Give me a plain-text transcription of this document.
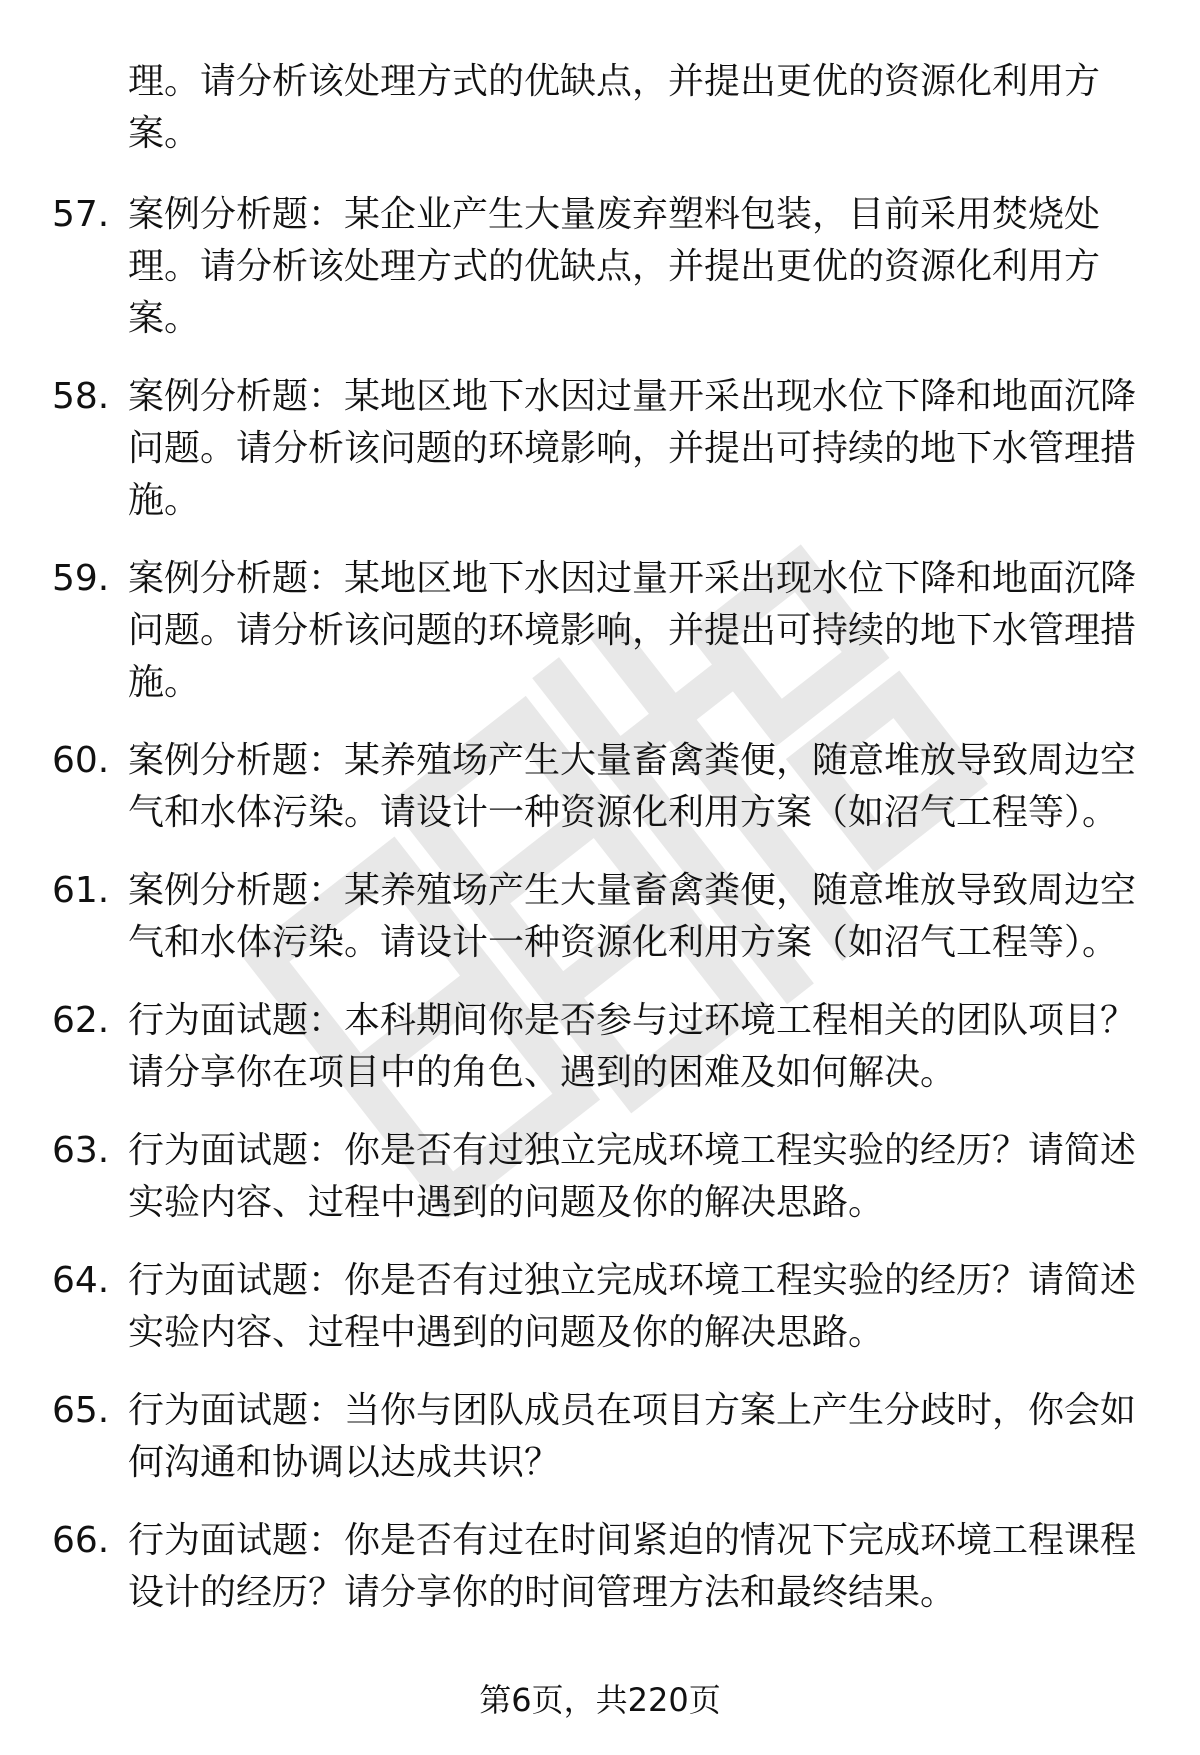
理。请分析该处理方式的优缺点，并提出更优的资源化利用方案。

57. 案例分析题：某企业产生大量废弃塑料包装，目前采用焚烧处理。请分析该处理方式的优缺点，并提出更优的资源化利用方案。
58. 案例分析题：某地区地下水因过量开采出现水位下降和地面沉降问题。请分析该问题的环境影响，并提出可持续的地下水管理措施。
59. 案例分析题：某地区地下水因过量开采出现水位下降和地面沉降问题。请分析该问题的环境影响，并提出可持续的地下水管理措施。
60. 案例分析题：某养殖场产生大量畜禽粪便，随意堆放导致周边空气和水体污染。请设计一种资源化利用方案（如沼气工程等）。
61. 案例分析题：某养殖场产生大量畜禽粪便，随意堆放导致周边空气和水体污染。请设计一种资源化利用方案（如沼气工程等）。
62. 行为面试题：本科期间你是否参与过环境工程相关的团队项目？请分享你在项目中的角色、遇到的困难及如何解决。
63. 行为面试题：你是否有过独立完成环境工程实验的经历？请简述实验内容、过程中遇到的问题及你的解决思路。
64. 行为面试题：你是否有过独立完成环境工程实验的经历？请简述实验内容、过程中遇到的问题及你的解决思路。
65. 行为面试题：当你与团队成员在项目方案上产生分歧时，你会如何沟通和协调以达成共识？
66. 行为面试题：你是否有过在时间紧迫的情况下完成环境工程课程设计的经历？请分享你的时间管理方法和最终结果。
第6页，共220页
